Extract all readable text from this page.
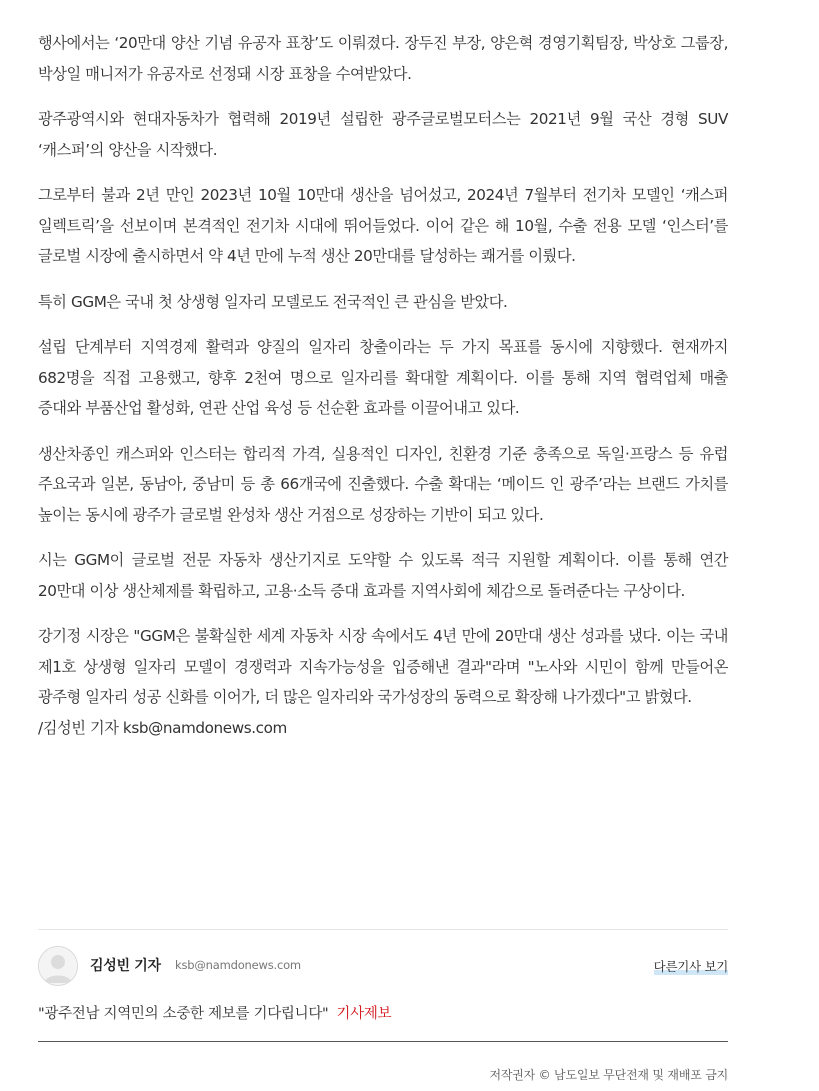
행사에서는 ‘20만대 양산 기념 유공자 표창’도 이뤄졌다. 장두진 부장, 양은혁 경영기획팀장, 박상호 그룹장, 박상일 매니저가 유공자로 선정돼 시장 표창을 수여받았다.

광주광역시와 현대자동차가 협력해 2019년 설립한 광주글로벌모터스는 2021년 9월 국산 경형 SUV ‘캐스퍼’의 양산을 시작했다.

그로부터 불과 2년 만인 2023년 10월 10만대 생산을 넘어섰고, 2024년 7월부터 전기차 모델인 ‘캐스퍼 일렉트릭’을 선보이며 본격적인 전기차 시대에 뛰어들었다. 이어 같은 해 10월, 수출 전용 모델 ‘인스터’를 글로벌 시장에 출시하면서 약 4년 만에 누적 생산 20만대를 달성하는 쾌거를 이뤘다.

특히 GGM은 국내 첫 상생형 일자리 모델로도 전국적인 큰 관심을 받았다.

설립 단계부터 지역경제 활력과 양질의 일자리 창출이라는 두 가지 목표를 동시에 지향했다. 현재까지 682명을 직접 고용했고, 향후 2천여 명으로 일자리를 확대할 계획이다. 이를 통해 지역 협력업체 매출 증대와 부품산업 활성화, 연관 산업 육성 등 선순환 효과를 이끌어내고 있다.

생산차종인 캐스퍼와 인스터는 합리적 가격, 실용적인 디자인, 친환경 기준 충족으로 독일·프랑스 등 유럽 주요국과 일본, 동남아, 중남미 등 총 66개국에 진출했다. 수출 확대는 ‘메이드 인 광주’라는 브랜드 가치를 높이는 동시에 광주가 글로벌 완성차 생산 거점으로 성장하는 기반이 되고 있다.

시는 GGM이 글로벌 전문 자동차 생산기지로 도약할 수 있도록 적극 지원할 계획이다. 이를 통해 연간 20만대 이상 생산체제를 확립하고, 고용·소득 증대 효과를 지역사회에 체감으로 돌려준다는 구상이다.

강기정 시장은 "GGM은 불확실한 세계 자동차 시장 속에서도 4년 만에 20만대 생산 성과를 냈다. 이는 국내 제1호 상생형 일자리 모델이 경쟁력과 지속가능성을 입증해낸 결과"라며 "노사와 시민이 함께 만들어온 광주형 일자리 성공 신화를 이어가, 더 많은 일자리와 국가성장의 동력으로 확장해 나가겠다"고 밝혔다.

/김성빈 기자 ksb@namdonews.com
김성빈 기자 ksb@namdonews.com	다른기사 보기
"광주전남 지역민의 소중한 제보를 기다립니다" 기사제보
저작권자 © 남도일보 무단전재 및 재배포 금지
